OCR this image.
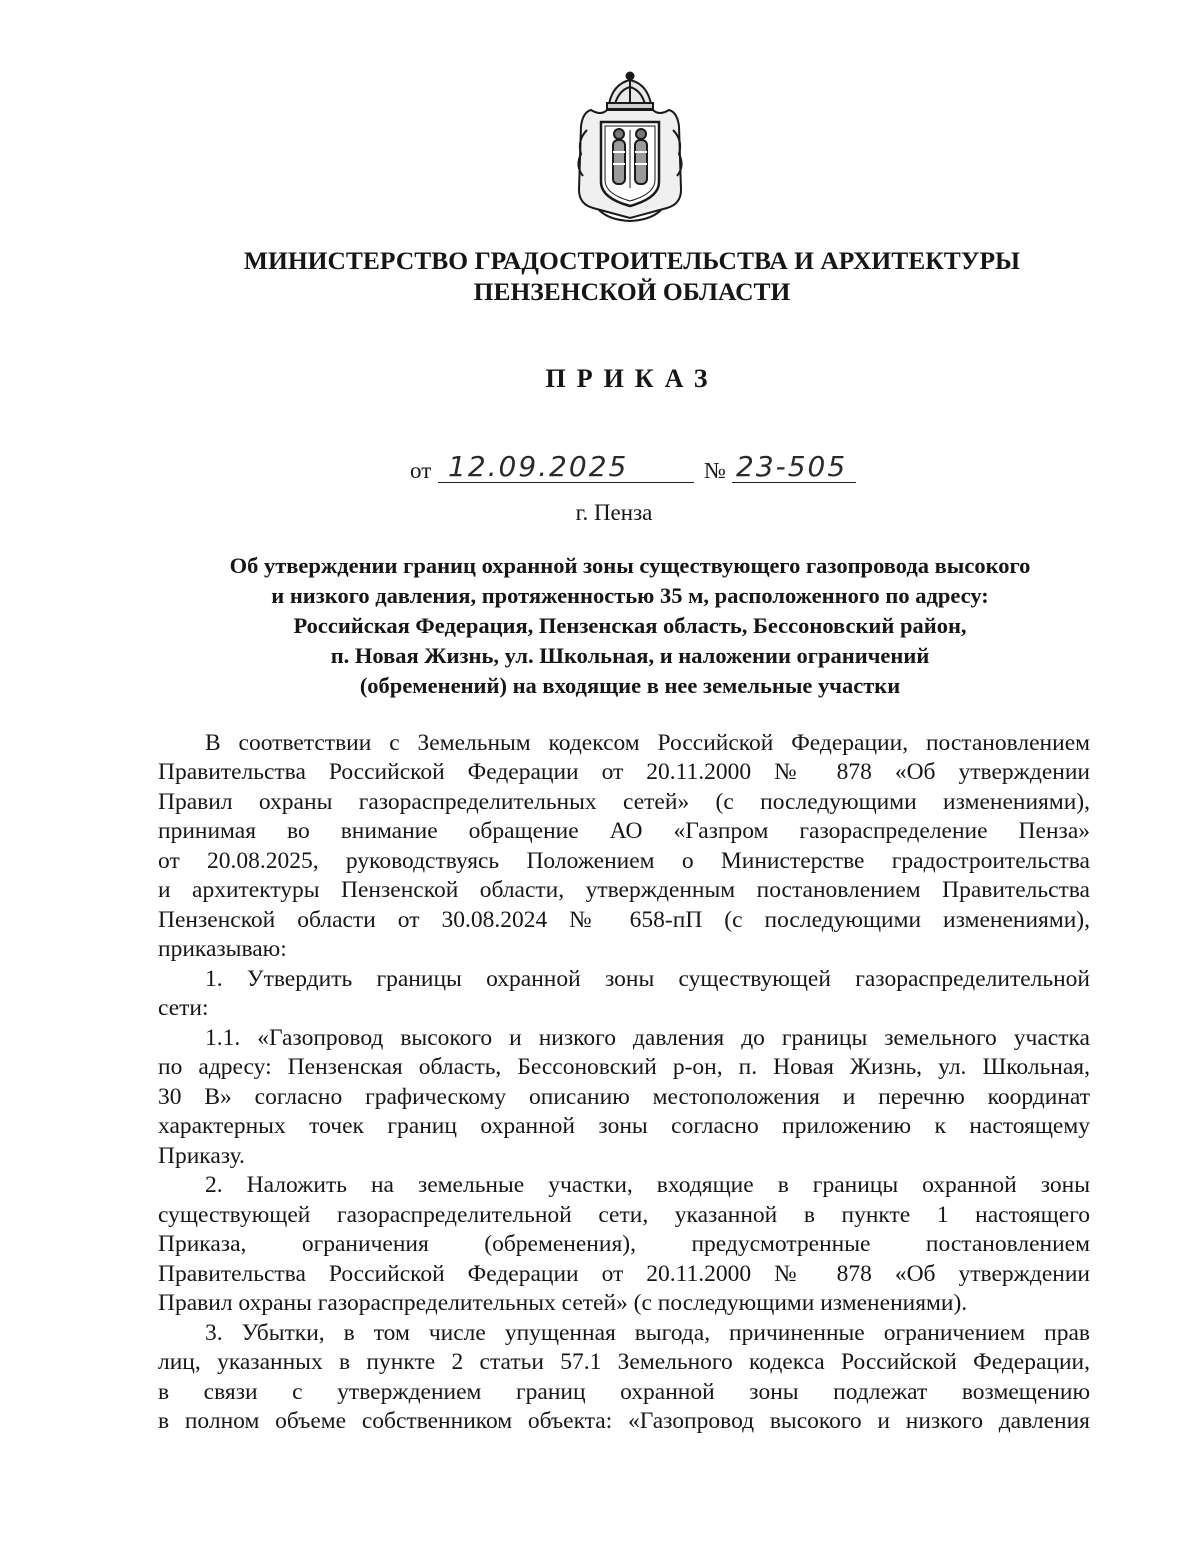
МИНИСТЕРСТВО ГРАДОСТРОИТЕЛЬСТВА И АРХИТЕКТУРЫ
ПЕНЗЕНСКОЙ ОБЛАСТИ
ПРИКАЗ
от 12.09.2025	№ 23-505
г. Пенза
Об утверждении границ охранной зоны существующего газопровода высокого
и низкого давления, протяженностью 35 м, расположенного по адресу:
Российская Федерация, Пензенская область, Бессоновский район,
п. Новая Жизнь, ул. Школьная, и наложении ограничений
(обременений) на входящие в нее земельные участки
В соответствии с Земельным кодексом Российской Федерации, постановлением
Правительства Российской Федерации от 20.11.2000 № 878 «Об утверждении
Правил охраны газораспределительных сетей» (с последующими изменениями),
принимая во внимание обращение АО «Газпром газораспределение Пенза»
от 20.08.2025, руководствуясь Положением о Министерстве градостроительства
и архитектуры Пензенской области, утвержденным постановлением Правительства
Пензенской области от 30.08.2024 № 658-пП (с последующими изменениями),
приказываю:
1. Утвердить границы охранной зоны существующей газораспределительной
сети:
1.1. «Газопровод высокого и низкого давления до границы земельного участка
по адресу: Пензенская область, Бессоновский р-он, п. Новая Жизнь, ул. Школьная,
30 В» согласно графическому описанию местоположения и перечню координат
характерных точек границ охранной зоны согласно приложению к настоящему
Приказу.
2. Наложить на земельные участки, входящие в границы охранной зоны
существующей газораспределительной сети, указанной в пункте 1 настоящего
Приказа, ограничения (обременения), предусмотренные постановлением
Правительства Российской Федерации от 20.11.2000 № 878 «Об утверждении
Правил охраны газораспределительных сетей» (с последующими изменениями).
3. Убытки, в том числе упущенная выгода, причиненные ограничением прав
лиц, указанных в пункте 2 статьи 57.1 Земельного кодекса Российской Федерации,
в связи с утверждением границ охранной зоны подлежат возмещению
в полном объеме собственником объекта: «Газопровод высокого и низкого давления
